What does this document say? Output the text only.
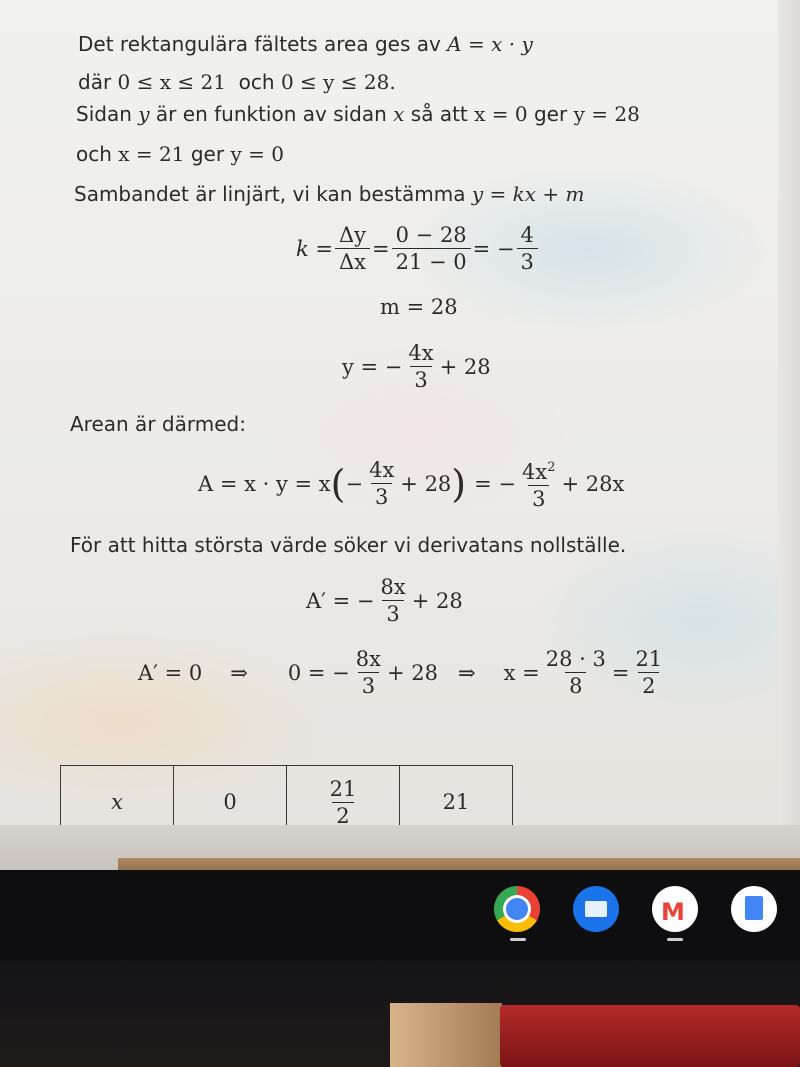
Det rektangulära fältets area ges av A = x · y
där 0 ≤ x ≤ 21 och 0 ≤ y ≤ 28.
Sidan y är en funktion av sidan x så att x = 0 ger y = 28
och x = 21 ger y = 0
Sambandet är linjärt, vi kan bestämma y = kx + m
$k = \frac{\Delta y}{\Delta x} = \frac{0 - 28}{21 - 0}$ = − $\frac{4}{3}$
m = 28
y = − $\frac{4x}{3} + 28$
Arean är därmed:
A = x · y = x ( − $\frac{4x}{3} + 28$ ) = − $\frac{4x^2}{3} + 28x$
För att hitta största värde söker vi derivatans nollställe.
A′ = − $\frac{8x}{3} + 28$
A′ = 0 ⇒ 0 = − $\frac{8x}{3} + 28$ ⇒ $x = \frac{28 \cdot 3}{8} = \frac{21}{2}$
x	0	$\frac{21}{2}$	21
M
